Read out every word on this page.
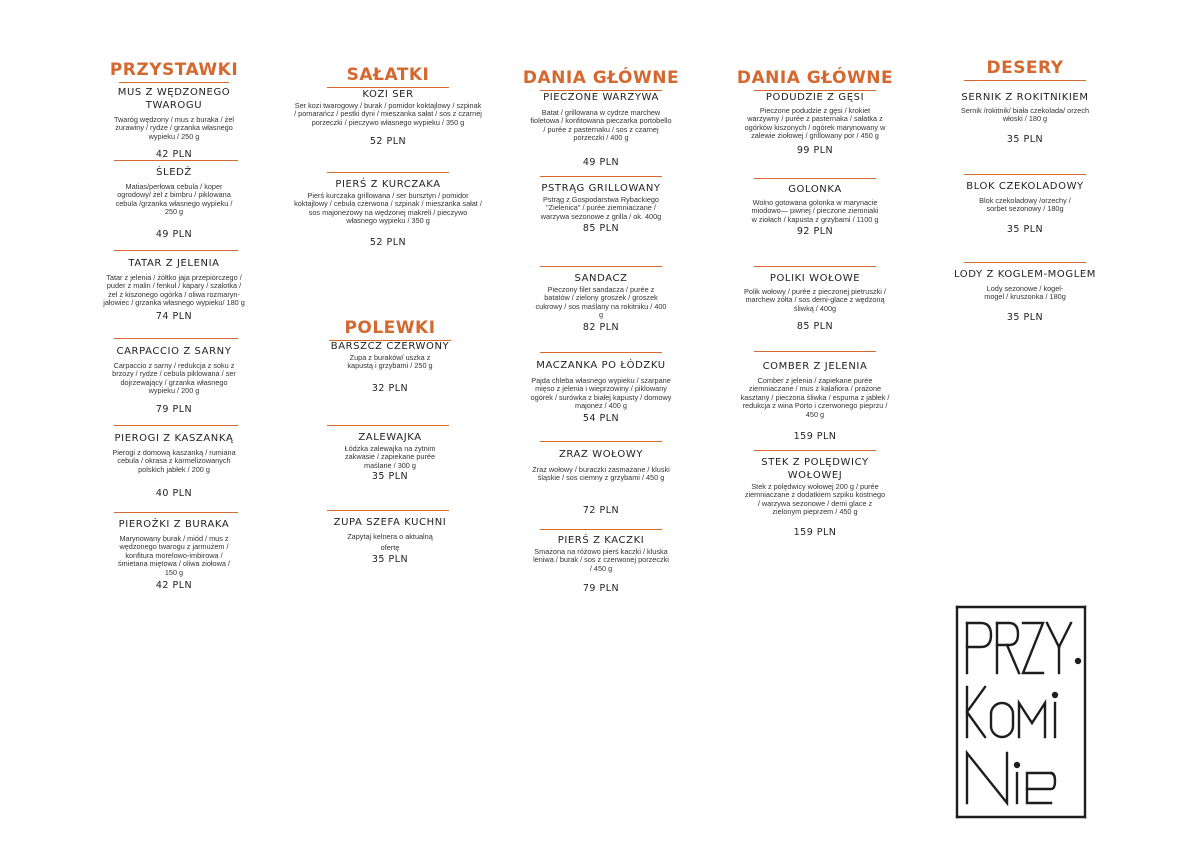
PRZYSTAWKI
MUS Z WĘDZONEGO TWAROGU
Twaróg wędzony / mus z buraka / żel żurawiny / rydze / grzanka własnego wypieku / 250 g
42 PLN
ŚLEDŹ
Matias/perłowa cebula / koper ogrodowy/ żel z bimbru / piklowana cebula /grzanka własnego wypieku / 250 g
49 PLN
TATAR Z JELENIA
Tatar z jelenia / żółtko jaja przepiórczego / puder z malin / fenkuł / kapary / szalotka / żel z kiszonego ogórka / oliwa rozmaryn-jałowiec / grzanka własnego wypieku/ 180 g
74 PLN
CARPACCIO Z SARNY
Carpaccio z sarny / redukcja z soku z brzozy / rydze / cebula piklowana / ser dojrzewający / grzanka własnego wypieku / 200 g
79 PLN
PIEROGI Z KASZANKĄ
Pierogi z domową kaszanką / rumiana cebula / okrasa z karmelizowanych polskich jabłek / 200 g
40 PLN
PIEROŻKI Z BURAKA
Marynowany burak / miód / mus z wędzonego twarogu z jarmużem / konfitura morelowo-imbirowa / śmietana miętowa / oliwa ziołowa / 150 g
42 PLN
SAŁATKI
KOZI SER
Ser kozi twarogowy / burak / pomidor koktajlowy / szpinak / pomarańcz / pestki dyni / mieszanka sałat / sos z czarnej porzeczki / pieczywo własnego wypieku / 350 g
52 PLN
PIERŚ Z KURCZAKA
Pierś kurczaka grillowana / ser bursztyn / pomidor koktajlowy / cebula czerwona / szpinak / mieszanka sałat / sos majonezowy na wędzonej makreli / pieczywo własnego wypieku / 350 g
52 PLN
POLEWKI
BARSZCZ CZERWONY
Zupa z buraków/ uszka z kapustą i grzybami / 250 g
32 PLN
ZALEWAJKA
Łódzka zalewajka na żytnim zakwasie / zapiekane purée maślane / 300 g
35 PLN
ZUPA SZEFA KUCHNI
Zapytaj kelnera o aktualną ofertę
35 PLN
DANIA GŁÓWNE
PIECZONE WARZYWA
Batat / grillowana w cydrze marchew fioletowa / konfitowana pieczarka portobello / purée z pasternaku / sos z czarnej porzeczki / 400 g
49 PLN
PSTRĄG GRILLOWANY
Pstrąg z Gospodarstwa Rybackiego "Zielenica" / purée ziemniaczane / warzywa sezonowe z grilla / ok. 400g
85 PLN
SANDACZ
Pieczony filet sandacza / purée z batatów / zielony groszek / groszek cukrowy / sos maślany na rokitniku / 400 g
82 PLN
MACZANKA PO ŁÓDZKU
Pajda chleba własnego wypieku / szarpane mięso z jelenia i wieprzowiny / piklowany ogórek / surówka z białej kapusty / domowy majonez / 400 g
54 PLN
ZRAZ WOŁOWY
Zraz wołowy / buraczki zasmażane / kluski śląskie / sos ciemny z grzybami / 450 g
72 PLN
PIERŚ Z KACZKI
Smażona na różowo pierś kaczki / kluska leniwa / burak / sos z czerwonej porzeczki / 450 g
79 PLN
DANIA GŁÓWNE
PODUDZIE Z GĘSI
Pieczone podudzie z gęsi / krokiet warzywny / purée z pasternaka / sałatka z ogórków kiszonych / ogórek marynowany w zalewie ziołowej / grillowany por / 450 g
99 PLN
GOLONKA
Wolno gotowana golonka w marynacie miodowo— piwnej / pieczone ziemniaki w ziołach / kapusta z grzybami / 1100 g
92 PLN
POLIKI WOŁOWE
Polik wołowy / purée z pieczonej pietruszki / marchew żółta / sos demi-glace z wędzoną śliwką / 400g
85 PLN
COMBER Z JELENIA
Comber z jelenia / zapiekane purée ziemniaczane / mus z kalafiora / prażone kasztany / pieczona śliwka / espuma z jabłek / redukcja z wina Porto i czerwonego pieprzu / 450 g
159 PLN
STEK Z POLĘDWICY WOŁOWEJ
Stek z polędwicy wołowej 200 g / purée ziemniaczane z dodatkiem szpiku kostnego / warzywa sezonowe / demi glace z zielonym pieprzem / 450 g
159 PLN
DESERY
SERNIK Z ROKITNIKIEM
Sernik /rokitnik/ biała czekolada/ orzech włoski / 180 g
35 PLN
BLOK CZEKOLADOWY
Blok czekoladowy /orzechy / sorbet sezonowy / 180g
35 PLN
LODY Z KOGLEM-MOGLEM
Lody sezonowe / kogel-mogel / kruszonka / 180g
35 PLN
